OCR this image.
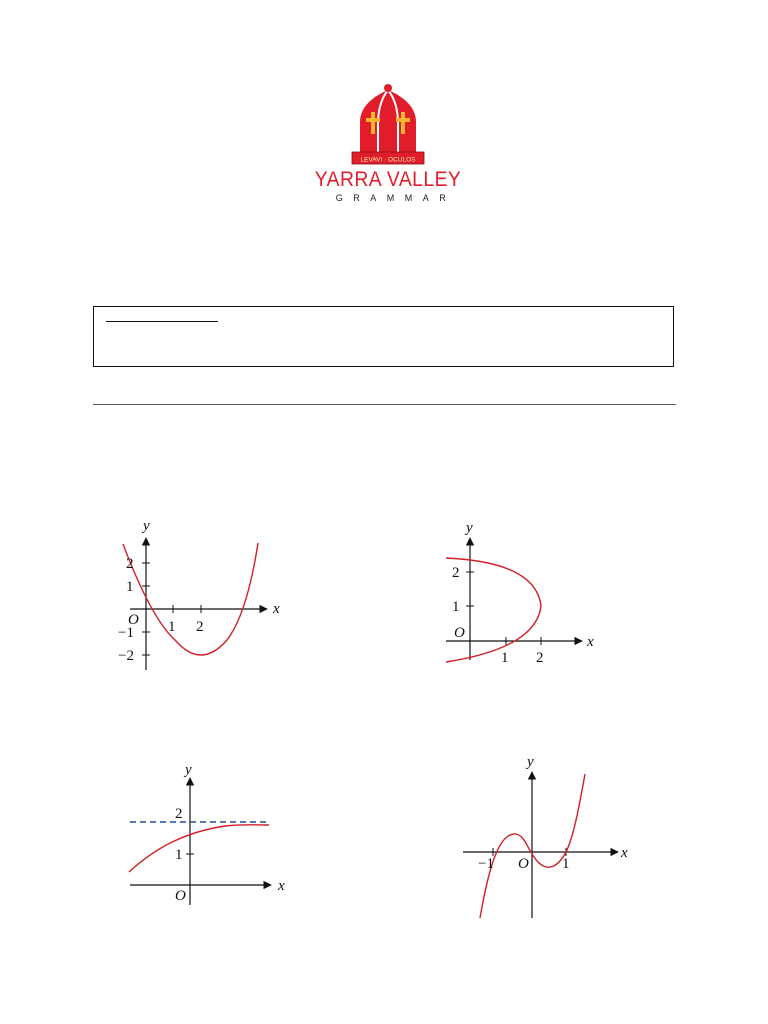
LEVAVI · OCULOS
YARRA VALLEY
GRAMMAR
y
x
O 1 2
2
1
−1
−2
y
x
O
1 2
2
1
y
x
O
2
1
y
x
O
−1	1
